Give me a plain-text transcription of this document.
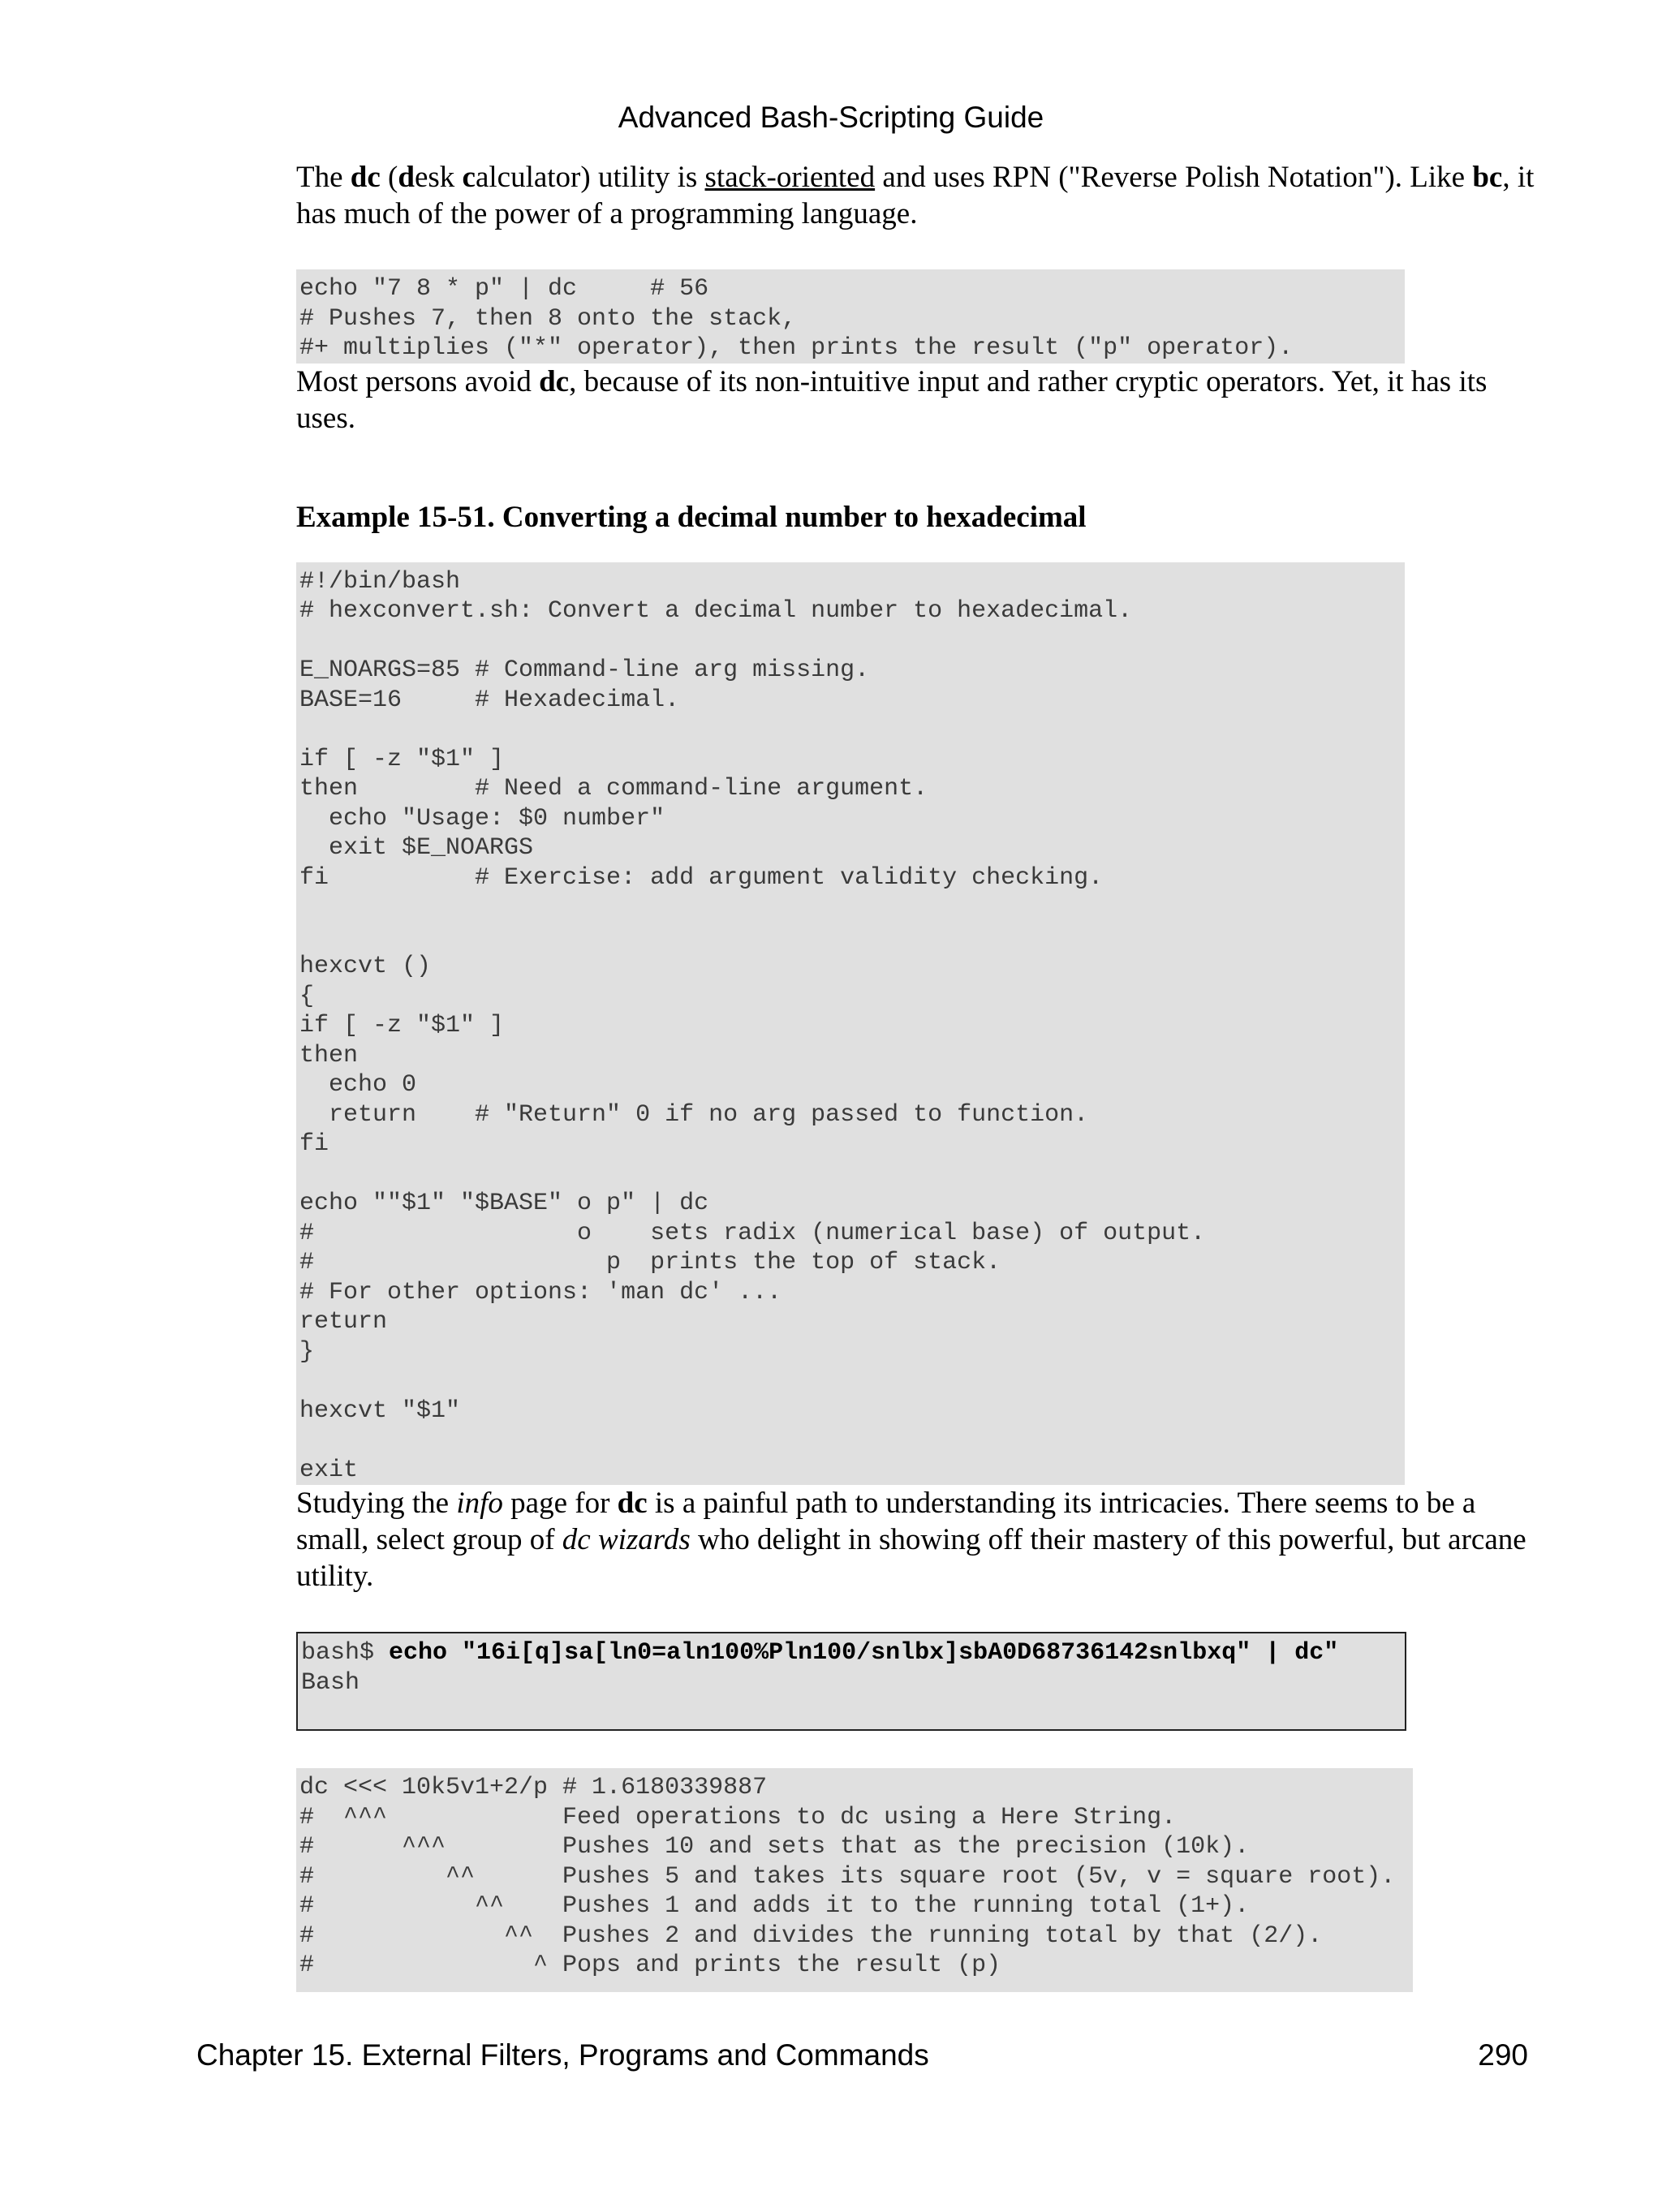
Advanced Bash-Scripting Guide

The dc (desk calculator) utility is stack-oriented and uses RPN ("Reverse Polish Notation"). Like bc, it has much of the power of a programming language.

echo "7 8 * p" | dc     # 56
# Pushes 7, then 8 onto the stack,
#+ multiplies ("*" operator), then prints the result ("p" operator).

Most persons avoid dc, because of its non-intuitive input and rather cryptic operators. Yet, it has its uses.

Example 15-51. Converting a decimal number to hexadecimal
#!/bin/bash
# hexconvert.sh: Convert a decimal number to hexadecimal.

E_NOARGS=85 # Command-line arg missing.
BASE=16     # Hexadecimal.

if [ -z "$1" ]
then        # Need a command-line argument.
echo "Usage: $0 number"
exit $E_NOARGS
fi          # Exercise: add argument validity checking.

hexcvt ()
{
if [ -z "$1" ]
then
echo 0
return    # "Return" 0 if no arg passed to function.
fi

echo ""$1" "$BASE" o p" | dc
#                  o    sets radix (numerical base) of output.
#                    p  prints the top of stack.
# For other options: 'man dc' ...
return
}

hexcvt "$1"

exit

Studying the info page for dc is a painful path to understanding its intricacies. There seems to be a small, select group of dc wizards who delight in showing off their mastery of this powerful, but arcane utility.

bash$ echo "16i[q]sa[ln0=aln100%Pln100/snlbx]sbA0D68736142snlbxq" | dc"
Bash
dc <<< 10k5v1+2/p # 1.6180339887
#  ^^^            Feed operations to dc using a Here String.
#      ^^^        Pushes 10 and sets that as the precision (10k).
#         ^^      Pushes 5 and takes its square root (5v, v = square root).
#           ^^    Pushes 1 and adds it to the running total (1+).
#             ^^  Pushes 2 and divides the running total by that (2/).
#               ^ Pops and prints the result (p)
Chapter 15. External Filters, Programs and Commands	290
